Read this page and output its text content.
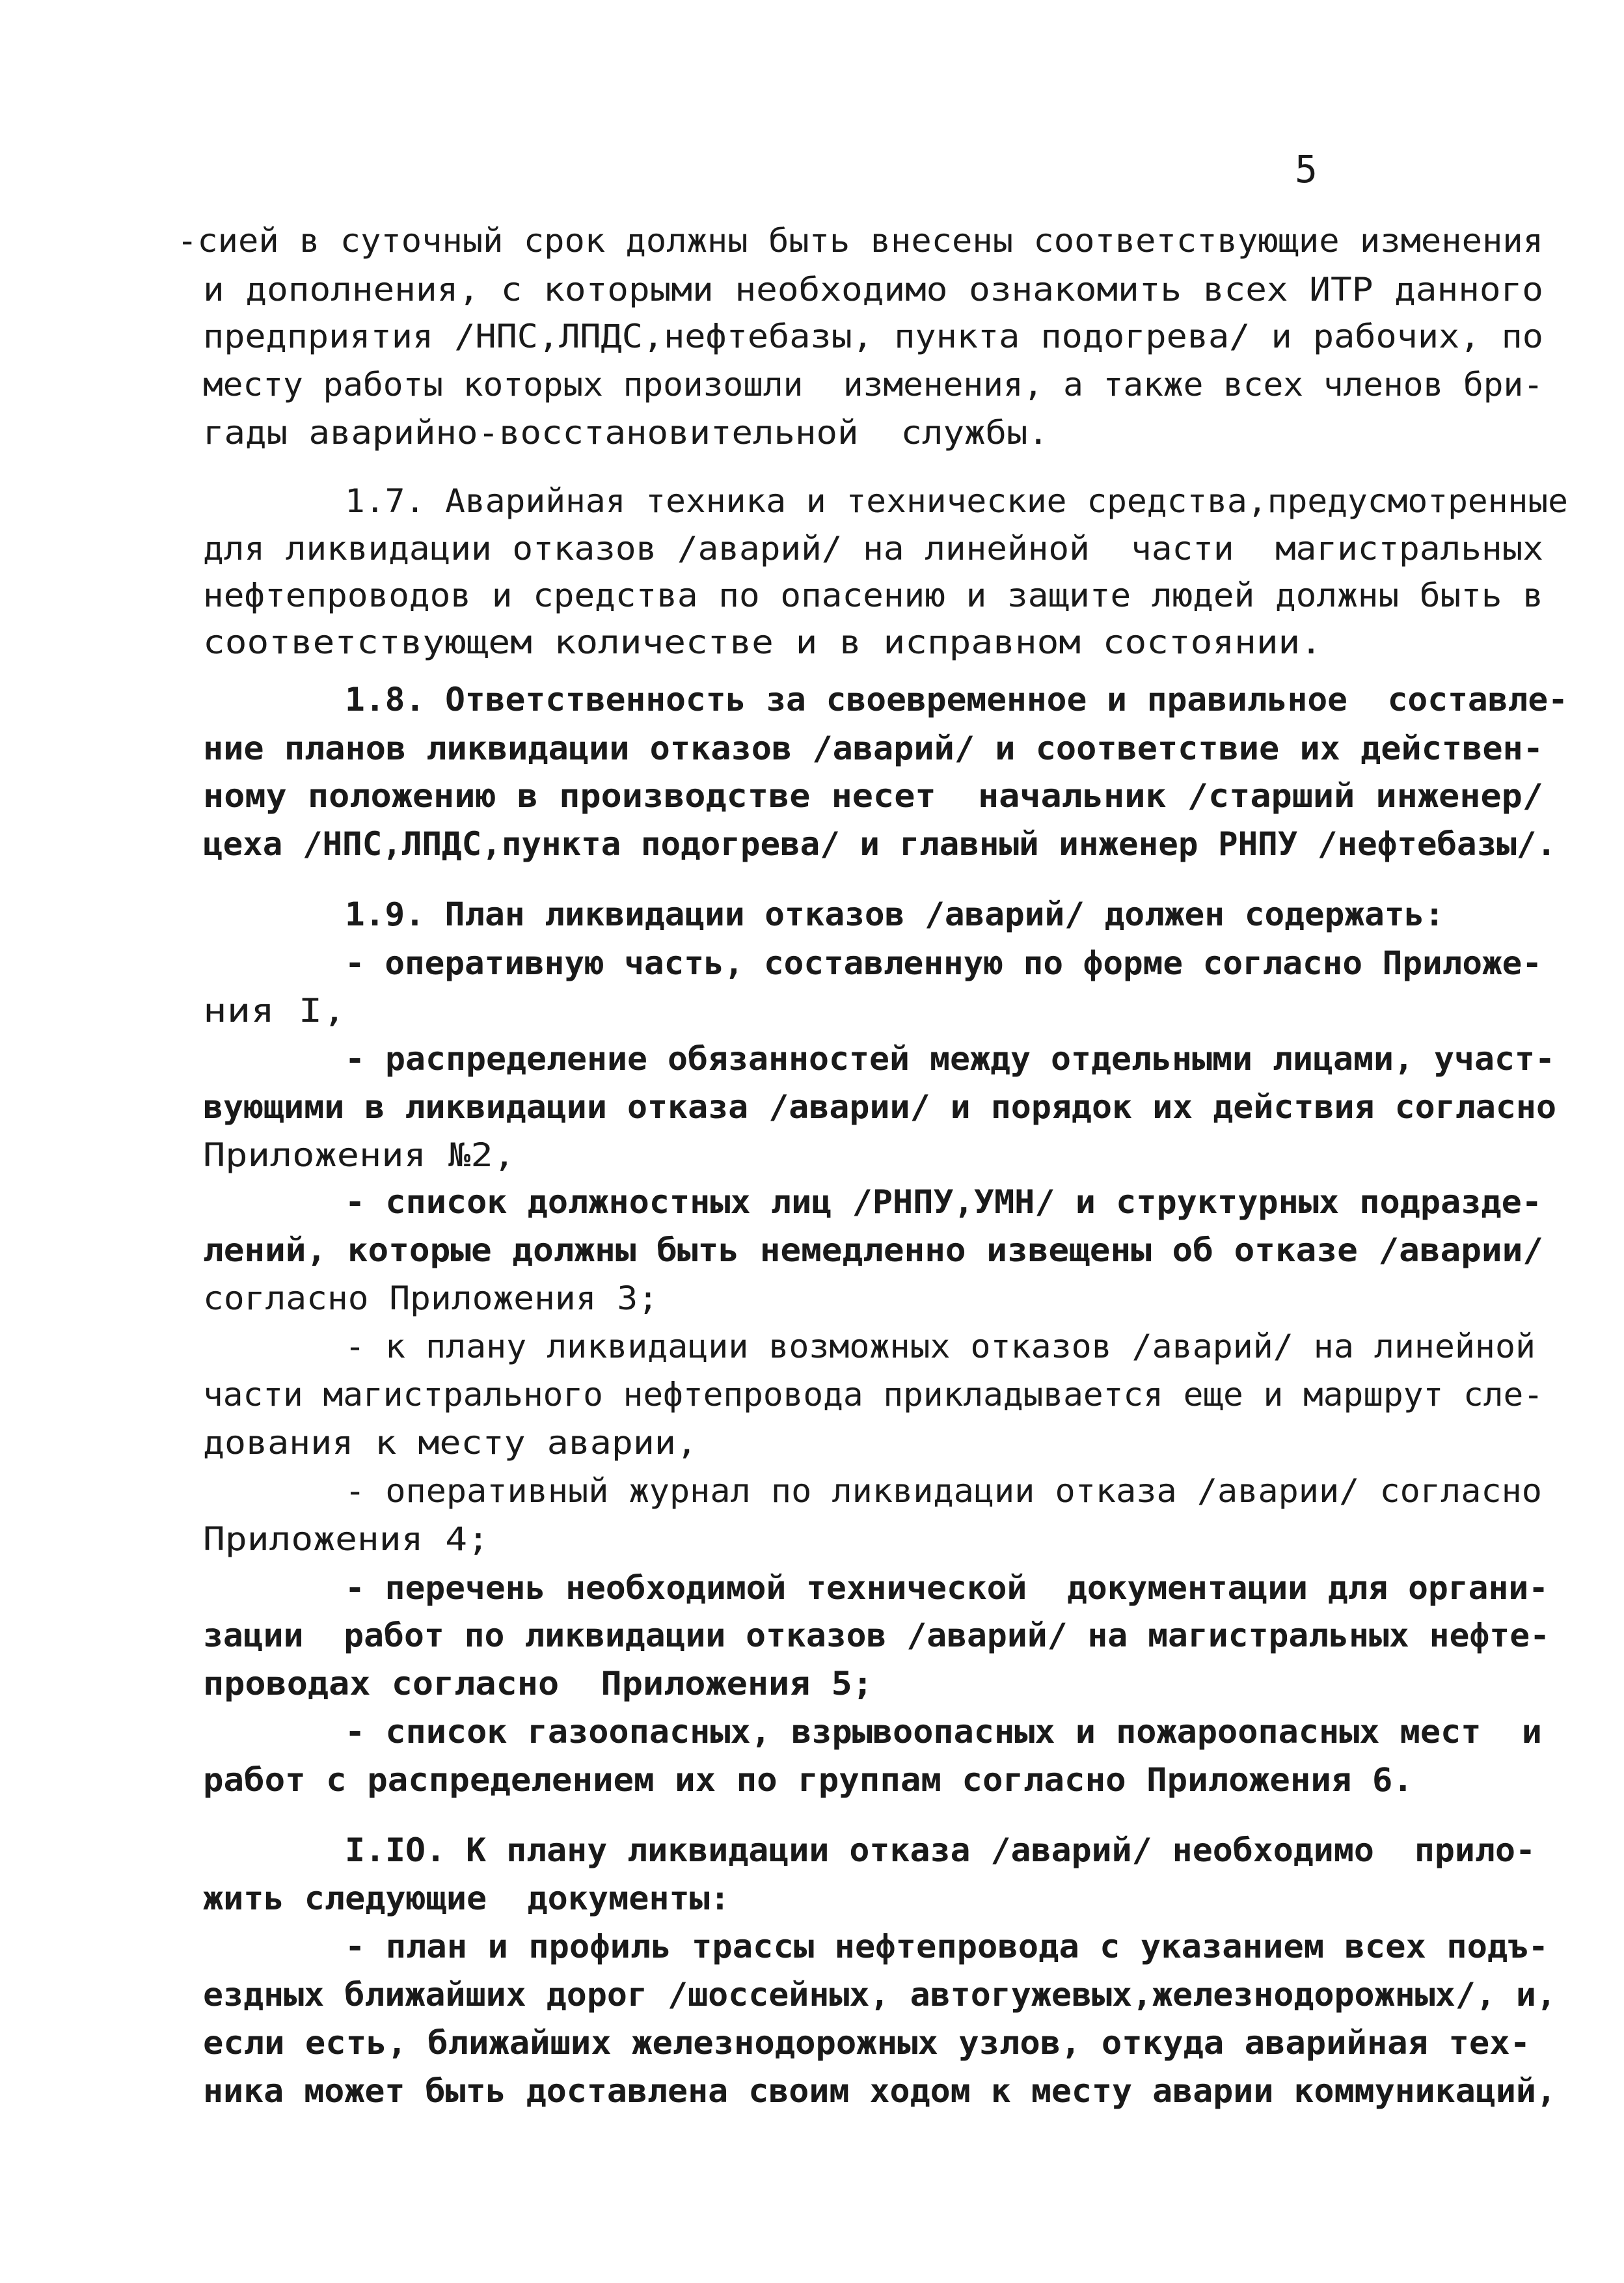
5
-сией в суточный срок должны быть внесены соответствующие изменения
и дополнения, с которыми необходимо ознакомить всех ИТР данного
предприятия /НПС,ЛПДС,нефтебазы, пункта подогрева/ и рабочих, по
месту работы которых произошли  изменения, а также всех членов бри-
гады аварийно-восстановительной  службы.
1.7. Аварийная техника и технические средства,предусмотренные
для ликвидации отказов /аварий/ на линейной  части  магистральных
нефтепроводов и средства по опасению и защите людей должны быть в
соответствующем количестве и в исправном состоянии.
1.8. Ответственность за своевременное и правильное  составле-
ние планов ликвидации отказов /аварий/ и соответствие их действен-
ному положению в производстве несет  начальник /старший инженер/
цеха /НПС,ЛПДС,пункта подогрева/ и главный инженер РНПУ /нефтебазы/.
1.9. План ликвидации отказов /аварий/ должен содержать:
- оперативную часть, составленную по форме согласно Приложе-
ния I,
- распределение обязанностей между отдельными лицами, участ-
вующими в ликвидации отказа /аварии/ и порядок их действия согласно
Приложения №2,
- список должностных лиц /РНПУ,УМН/ и структурных подразде-
лений, которые должны быть немедленно извещены об отказе /аварии/
согласно Приложения 3;
- к плану ликвидации возможных отказов /аварий/ на линейной
части магистрального нефтепровода прикладывается еще и маршрут сле-
дования к месту аварии,
- оперативный журнал по ликвидации отказа /аварии/ согласно
Приложения 4;
- перечень необходимой технической  документации для органи-
зации  работ по ликвидации отказов /аварий/ на магистральных нефте-
проводах согласно  Приложения 5;
- список газоопасных, взрывоопасных и пожароопасных мест  и
работ с распределением их по группам согласно Приложения 6.
I.IO. К плану ликвидации отказа /аварий/ необходимо  прило-
жить следующие  документы:
- план и профиль трассы нефтепровода с указанием всех подъ-
ездных ближайших дорог /шоссейных, автогужевых,железнодорожных/, и,
если есть, ближайших железнодорожных узлов, откуда аварийная тех-
ника может быть доставлена своим ходом к месту аварии коммуникаций,
